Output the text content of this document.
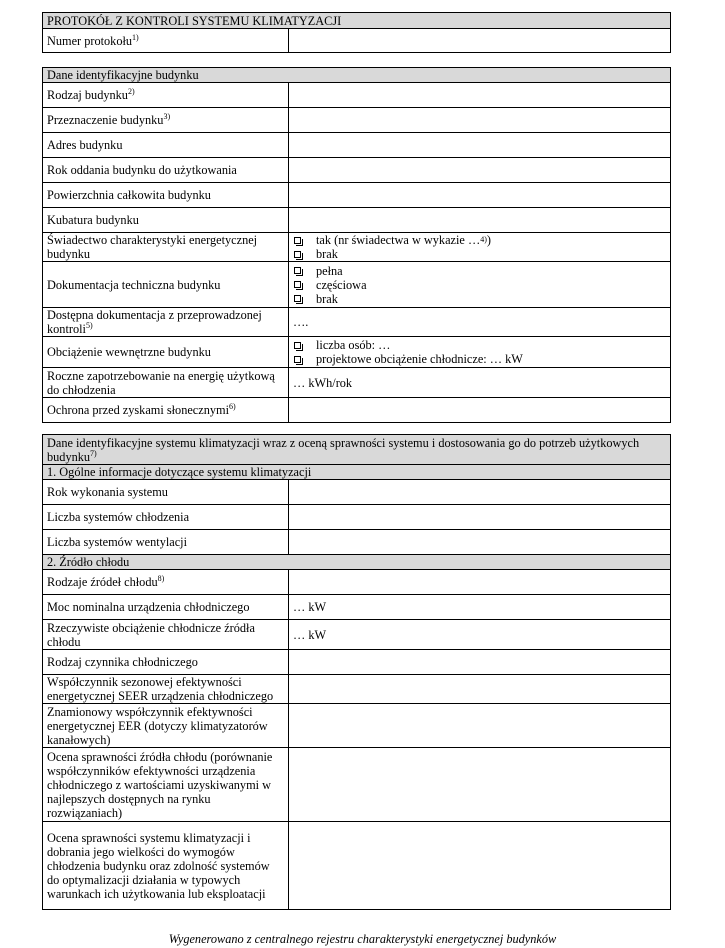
PROTOKÓŁ Z KONTROLI SYSTEMU KLIMATYZACJI
Numer protokołu$^{1)}$	
Dane identyfikacyjne budynku	
Rodzaj budynku$^{2)}$	
Przeznaczenie budynku$^{3)}$	
Adres budynku	
Rok oddania budynku do użytkowania	
Powierzchnia całkowita budynku	
Kubatura budynku	
Świadectwo charakterystyki energetycznej budynku	tak (nr świadectwa w wykazie … 4) )
brak

Dokumentacja techniczna budynku	pełna
częściowa
brak

Dostępna dokumentacja z przeprowadzonej kontroli$^{5)}$	….
Obciążenie wewnętrzne budynku	liczba osób: …
projektowe obciążenie chłodnicze: … kW

Roczne zapotrzebowanie na energię użytkową do chłodzenia	… kWh/rok
Ochrona przed zyskami słonecznymi$^{6)}$	
Dane identyfikacyjne systemu klimatyzacji wraz z oceną sprawności systemu i dostosowania go do potrzeb użytkowych budynku$^{7)}$
1. Ogólne informacje dotyczące systemu klimatyzacji	
Rok wykonania systemu	
Liczba systemów chłodzenia	
Liczba systemów wentylacji	
2. Źródło chłodu	
Rodzaje źródeł chłodu$^{8)}$	
Moc nominalna urządzenia chłodniczego	… kW
Rzeczywiste obciążenie chłodnicze źródła chłodu	… kW
Rodzaj czynnika chłodniczego	
Współczynnik sezonowej efektywności energetycznej SEER urządzenia chłodniczego	
Znamionowy współczynnik efektywności energetycznej EER (dotyczy klimatyzatorów kanałowych)	
Ocena sprawności źródła chłodu (porównanie współczynników efektywności urządzenia chłodniczego z wartościami uzyskiwanymi w najlepszych dostępnych na rynku rozwiązaniach)	
Ocena sprawności systemu klimatyzacji i dobrania jego wielkości do wymogów chłodzenia budynku oraz zdolność systemów do optymalizacji działania w typowych warunkach ich użytkowania lub eksploatacji	
Wygenerowano z centralnego rejestru charakterystyki energetycznej budynków
